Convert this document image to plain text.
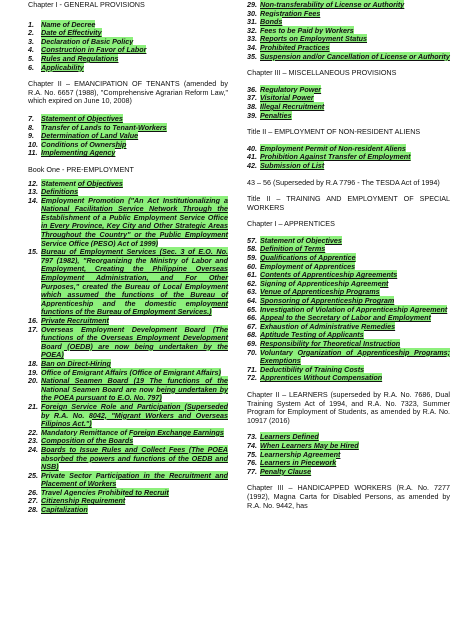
Chapter I - GENERAL PROVISIONS

1. Name of Decree
2. Date of Effectivity
3. Declaration of Basic Policy
4. Construction in Favor of Labor
5. Rules and Regulations
6. Applicability

Chapter II – EMANCIPATION OF TENANTS (amended by R.A. No. 6657 (1988), "Comprehensive Agrarian Reform Law," which expired on June 10, 2008)

7. Statement of Objectives
8. Transfer of Lands to Tenant-Workers
9. Determination of Land Value
10. Conditions of Ownership
11. Implementing Agency

Book One - PRE-EMPLOYMENT

12. Statement of Objectives
13. Definitions
14. Employment Promotion ("An Act Institutionalizing a National Facilitation Service Network Through the Establishment of a Public Employment Service Office in Every Province, Key City and Other Strategic Areas Throughout the Country" or the Public Employment Service Office (PESO) Act of 1999)
15. Bureau of Employment Services (Sec. 3 of E.O. No. 797 (1982), "Reorganizing the Ministry of Labor and Employment, Creating the Philippine Overseas Employment Administration, and For Other Purposes," created the Bureau of Local Employment which assumed the functions of the Bureau of Apprenticeship and the domestic employment functions of the Bureau of Employment Services.)
16. Private Recruitment
17. Overseas Employment Development Board (The functions of the Overseas Employment Development Board (OEDB) are now being undertaken by the POEA)
18. Ban on Direct-Hiring
19. Office of Emigrant Affairs (Office of Emigrant Affairs)
20. National Seamen Board (19 The functions of the National Seamen Board are now being undertaken by the POEA pursuant to E.O. No. 797)
21. Foreign Service Role and Participation (Superseded by R.A. No. 8042, "Migrant Workers and Overseas Filipinos Act.")
22. Mandatory Remittance of Foreign Exchange Earnings
23. Composition of the Boards
24. Boards to Issue Rules and Collect Fees (The POEA absorbed the powers and functions of the OEDB and NSB)
25. Private Sector Participation in the Recruitment and Placement of Workers
26. Travel Agencies Prohibited to Recruit
27. Citizenship Requirement
28. Capitalization
29. Non-transferability of License or Authority
30. Registration Fees
31. Bonds
32. Fees to be Paid by Workers
33. Reports on Employment Status
34. Prohibited Practices
35. Suspension and/or Cancellation of License or Authority

Chapter III – MISCELLANEOUS PROVISIONS

36. Regulatory Power
37. Visitorial Power
38. Illegal Recruitment
39. Penalties

Title II – EMPLOYMENT OF NON-RESIDENT ALIENS

40. Employment Permit of Non-resident Aliens
41. Prohibition Against Transfer of Employment
42. Submission of List

43 – 56 (Superseded by R.A 7796 - The TESDA Act of 1994)

Title II – TRAINING AND EMPLOYMENT OF SPECIAL WORKERS

Chapter I – APPRENTICES

57. Statement of Objectives
58. Definition of Terms
59. Qualifications of Apprentice
60. Employment of Apprentices
61. Contents of Apprenticeship Agreements
62. Signing of Apprenticeship Agreement
63. Venue of Apprenticeship Programs
64. Sponsoring of Apprenticeship Program
65. Investigation of Violation of Apprenticeship Agreement
66. Appeal to the Secretary of Labor and Employment
67. Exhaustion of Administrative Remedies
68. Aptitude Testing of Applicants
69. Responsibility for Theoretical Instruction
70. Voluntary Organization of Apprenticeship Programs; Exemptions
71. Deductibility of Training Costs
72. Apprentices Without Compensation

Chapter II – LEARNERS (superseded by R.A. No. 7686, Dual Training System Act of 1994, and R.A. No. 7323, Summer Program for Employment of Students, as amended by R.A. No. 10917 (2016)

73. Learners Defined
74. When Learners May be Hired
75. Learnership Agreement
76. Learners in Piecework
77. Penalty Clause

Chapter III – HANDICAPPED WORKERS (R.A. No. 7277 (1992), Magna Carta for Disabled Persons, as amended by R.A. No. 9442, has
